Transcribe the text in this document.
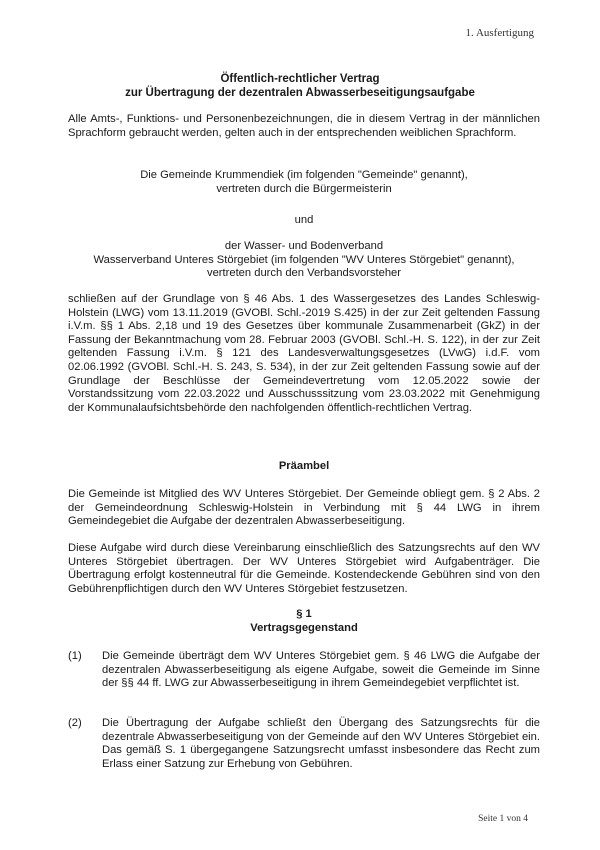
1. Ausfertigung
Öffentlich-rechtlicher Vertrag
zur Übertragung der dezentralen Abwasserbeseitigungsaufgabe
Alle Amts-, Funktions- und Personenbezeichnungen, die in diesem Vertrag in der männlichen Sprachform gebraucht werden, gelten auch in der entsprechenden weiblichen Sprachform.
Die Gemeinde Krummendiek (im folgenden "Gemeinde" genannt),
vertreten durch die Bürgermeisterin
und
der Wasser- und Bodenverband
Wasserverband Unteres Störgebiet (im folgenden "WV Unteres Störgebiet" genannt),
vertreten durch den Verbandsvorsteher
schließen auf der Grundlage von § 46 Abs. 1 des Wassergesetzes des Landes Schleswig-Holstein (LWG) vom 13.11.2019 (GVOBl. Schl.-2019 S.425) in der zur Zeit geltenden Fassung i.V.m. §§ 1 Abs. 2,18 und 19 des Gesetzes über kommunale Zusammenarbeit (GkZ) in der Fassung der Bekanntmachung vom 28. Februar 2003 (GVOBl. Schl.-H. S. 122), in der zur Zeit geltenden Fassung i.V.m. § 121 des Landesverwaltungsgesetzes (LVwG) i.d.F. vom 02.06.1992 (GVOBl. Schl.-H. S. 243, S. 534), in der zur Zeit geltenden Fassung sowie auf der Grundlage der Beschlüsse der Gemeindevertretung vom 12.05.2022 sowie der Vorstandssitzung vom 22.03.2022 und Ausschusssitzung vom 23.03.2022 mit Genehmigung der Kommunalaufsichtsbehörde den nachfolgenden öffentlich-rechtlichen Vertrag.
Präambel
Die Gemeinde ist Mitglied des WV Unteres Störgebiet. Der Gemeinde obliegt gem. § 2 Abs. 2 der Gemeindeordnung Schleswig-Holstein in Verbindung mit § 44 LWG in ihrem Gemeindegebiet die Aufgabe der dezentralen Abwasserbeseitigung.
Diese Aufgabe wird durch diese Vereinbarung einschließlich des Satzungsrechts auf den WV Unteres Störgebiet übertragen. Der WV Unteres Störgebiet wird Aufgabenträger. Die Übertragung erfolgt kostenneutral für die Gemeinde. Kostendeckende Gebühren sind von den Gebührenpflichtigen durch den WV Unteres Störgebiet festzusetzen.
§ 1
Vertragsgegenstand
(1)	Die Gemeinde überträgt dem WV Unteres Störgebiet gem. § 46 LWG die Aufgabe der dezentralen Abwasserbeseitigung als eigene Aufgabe, soweit die Gemeinde im Sinne der §§ 44 ff. LWG zur Abwasserbeseitigung in ihrem Gemeindegebiet verpflichtet ist.
(2)	Die Übertragung der Aufgabe schließt den Übergang des Satzungsrechts für die dezentrale Abwasserbeseitigung von der Gemeinde auf den WV Unteres Störgebiet ein. Das gemäß S. 1 übergegangene Satzungsrecht umfasst insbesondere das Recht zum Erlass einer Satzung zur Erhebung von Gebühren.
Seite 1 von 4
